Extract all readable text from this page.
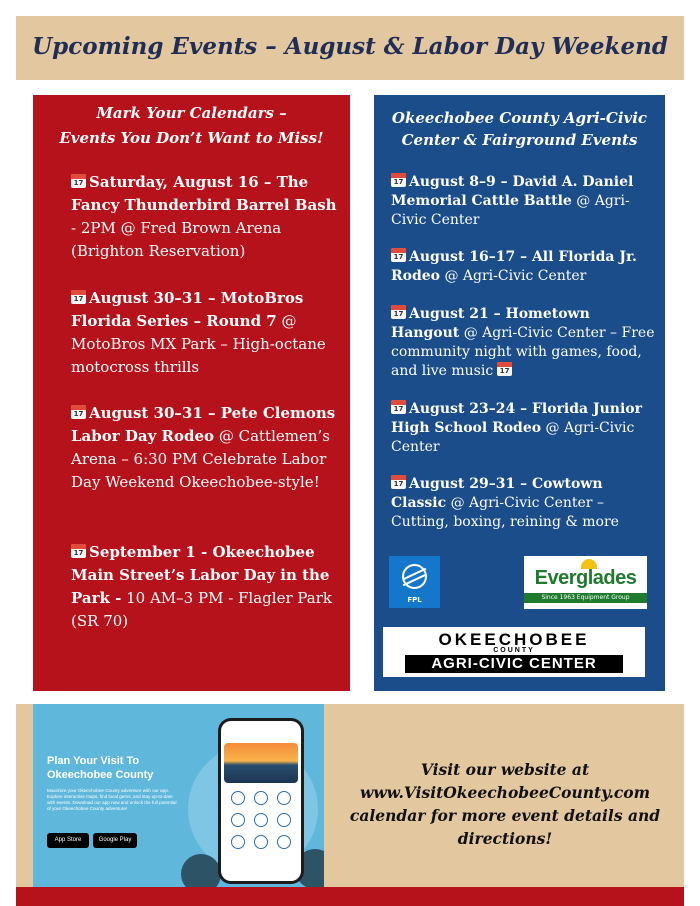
Upcoming Events – August & Labor Day Weekend
Mark Your Calendars –
Events You Don’t Want to Miss!
17Saturday, August 16 – The Fancy Thunderbird Barrel Bash - 2PM @ Fred Brown Arena (Brighton Reservation)
17August 30–31 – MotoBros Florida Series – Round 7 @ MotoBros MX Park – High-octane motocross thrills
17August 30–31 – Pete Clemons Labor Day Rodeo @ Cattlemen’s Arena – 6:30 PM Celebrate Labor Day Weekend Okeechobee-style!
17September 1 - Okeechobee Main Street’s Labor Day in the Park - 10 AM–3 PM - Flagler Park (SR 70)
Okeechobee County Agri-Civic
Center & Fairground Events
17August 8–9 – David A. Daniel Memorial Cattle Battle @ Agri-Civic Center
17August 16–17 – All Florida Jr. Rodeo @ Agri-Civic Center
17August 21 – Hometown Hangout @ Agri-Civic Center – Free community night with games, food, and live music17
17August 23–24 – Florida Junior High School Rodeo @ Agri-Civic Center
17August 29–31 – Cowtown Classic @ Agri-Civic Center – Cutting, boxing, reining & more
FPL
Everglades
Since 1963 Equipment Group
OKEECHOBEE
COUNTY
AGRI-CIVIC CENTER
Plan Your Visit To Okeechobee County
Maximize your Okeechobee County adventure with our app. Explore interactive maps, find local gems, and stay up-to-date with events. Download our app now and unlock the full potential of your Okeechobee County adventure!
App Store	Google Play
Visit our website at www.VisitOkeechobeeCounty.com calendar for more event details and directions!
